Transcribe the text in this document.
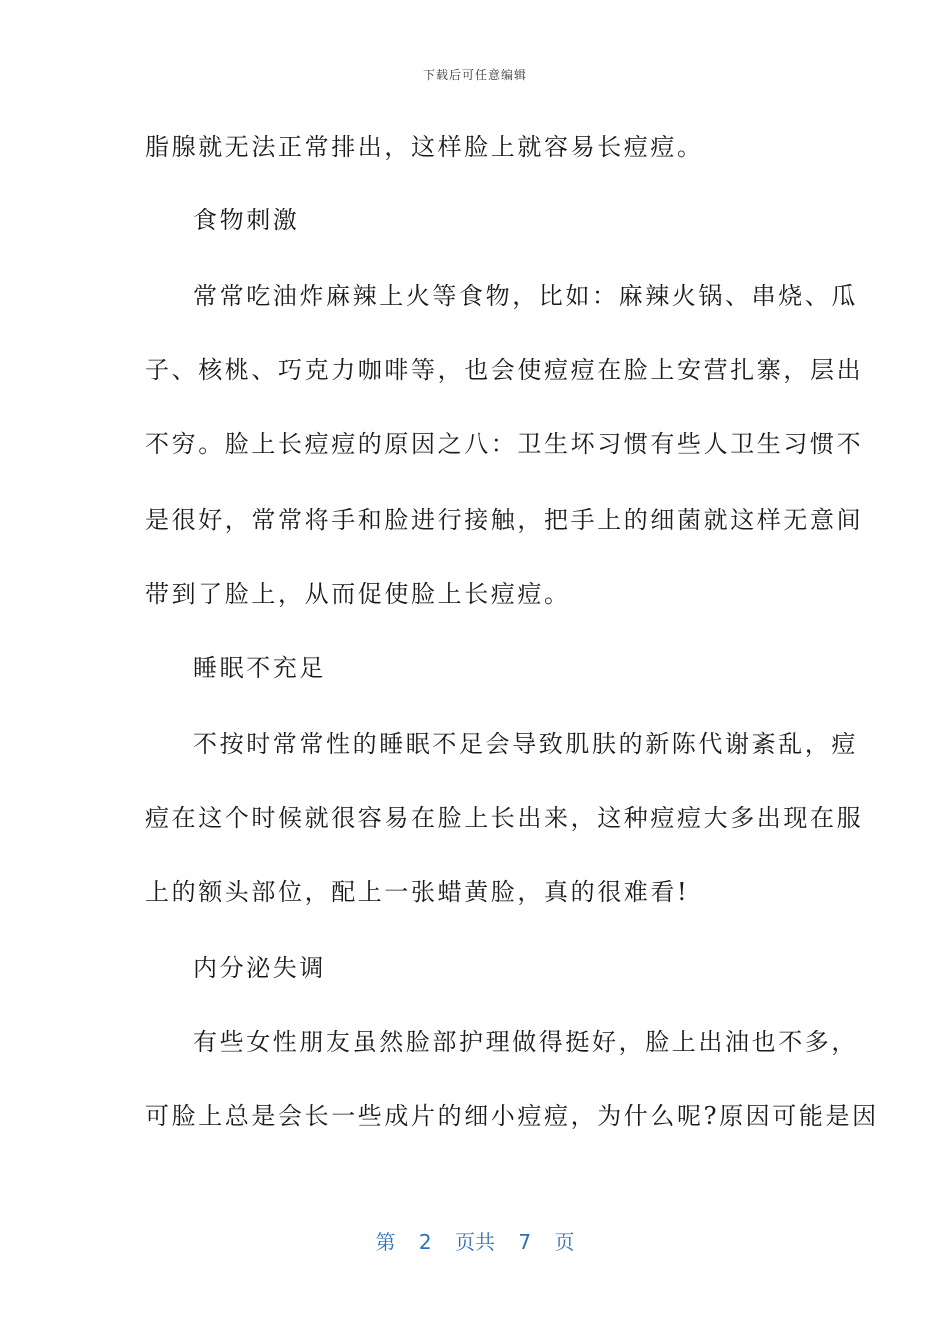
下载后可任意编辑
脂腺就无法正常排出，这样脸上就容易长痘痘。
食物刺激
常常吃油炸麻辣上火等食物，比如：麻辣火锅、串烧、瓜
子、核桃、巧克力咖啡等，也会使痘痘在脸上安营扎寨，层出
不穷。脸上长痘痘的原因之八：卫生坏习惯有些人卫生习惯不
是很好，常常将手和脸进行接触，把手上的细菌就这样无意间
带到了脸上，从而促使脸上长痘痘。
睡眠不充足
不按时常常性的睡眠不足会导致肌肤的新陈代谢紊乱，痘
痘在这个时候就很容易在脸上长出来，这种痘痘大多出现在服
上的额头部位，配上一张蜡黄脸，真的很难看!
内分泌失调
有些女性朋友虽然脸部护理做得挺好，脸上出油也不多，
可脸上总是会长一些成片的细小痘痘，为什么呢?原因可能是因
第 2 页共 7 页
